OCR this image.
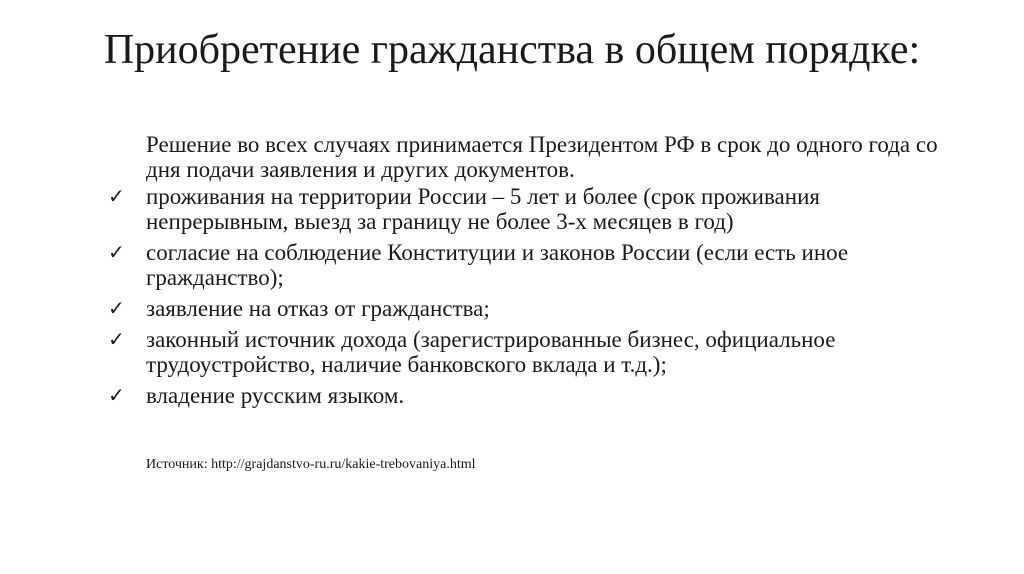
Приобретение гражданства в общем порядке:

Решение во всех случаях принимается Президентом РФ в срок до одного года со дня подачи заявления и других документов.

✓ проживания на территории России – 5 лет и более (срок проживания непрерывным, выезд за границу не более 3-х месяцев в год)
✓ согласие на соблюдение Конституции и законов России (если есть иное гражданство);
✓ заявление на отказ от гражданства;
✓ законный источник дохода (зарегистрированные бизнес, официальное трудоустройство, наличие банковского вклада и т.д.);
✓ владение русским языком.
Источник: http://grajdanstvo-ru.ru/kakie-trebovaniya.html
